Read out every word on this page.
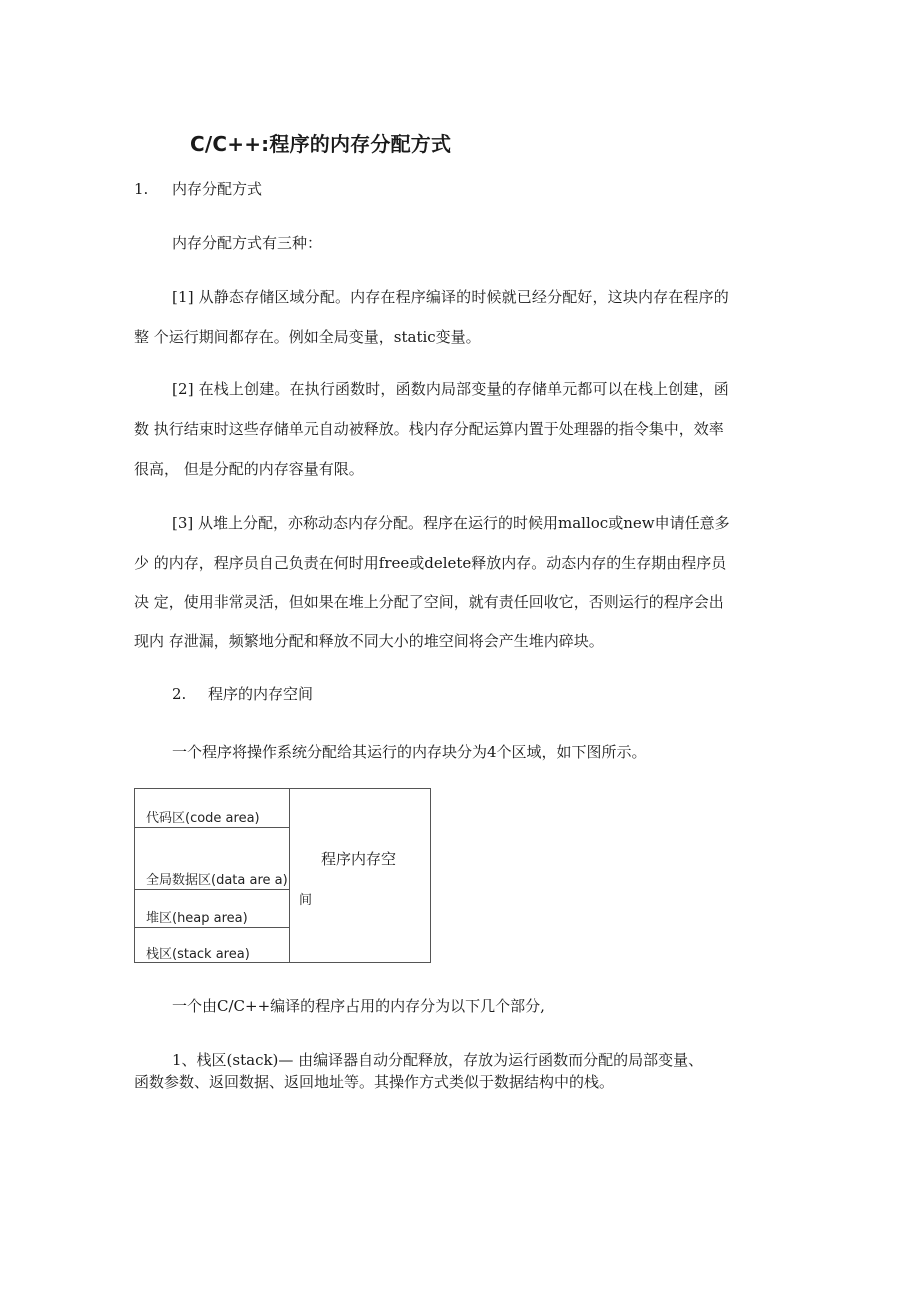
C/C++:程序的内存分配方式
1. 内存分配方式
内存分配方式有三种：
[1] 从静态存储区域分配。内存在程序编译的时候就已经分配好，这块内存在程序的
整 个运行期间都存在。例如全局变量，static变量。
[2] 在栈上创建。在执行函数时，函数内局部变量的存储单元都可以在栈上创建，函
数 执行结束时这些存储单元自动被释放。栈内存分配运算内置于处理器的指令集中，效率
很高， 但是分配的内存容量有限。
[3] 从堆上分配，亦称动态内存分配。程序在运行的时候用malloc或new申请任意多
少 的内存，程序员自己负责在何时用free或delete释放内存。动态内存的生存期由程序员
决 定，使用非常灵活，但如果在堆上分配了空间，就有责任回收它，否则运行的程序会出
现内 存泄漏，频繁地分配和释放不同大小的堆空间将会产生堆内碎块。
2. 程序的内存空间
一个程序将操作系统分配给其运行的内存块分为4个区域，如下图所示。
代码区(code area)
全局数据区(data are a)
堆区(heap area)
栈区(stack area)
程序内存空
间
一个由C/C++编译的程序占用的内存分为以下几个部分,
1、栈区(stack)— 由编译器自动分配释放，存放为运行函数而分配的局部变量、
函数参数、返回数据、返回地址等。其操作方式类似于数据结构中的栈。
